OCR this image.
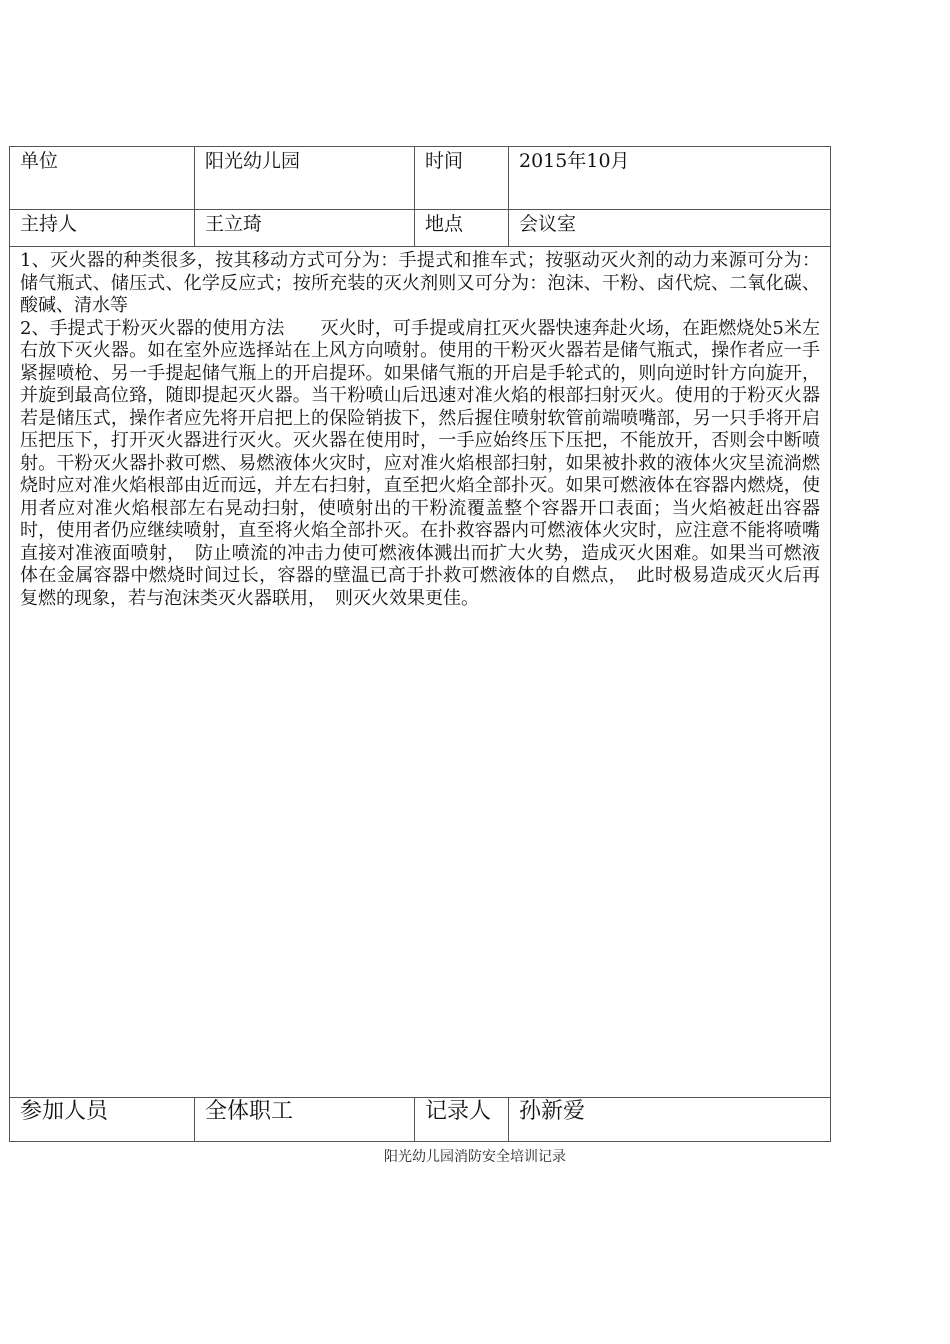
单位	阳光幼儿园	时间	2015年10月

主持人	王立琦	地点	会议室

1、灭火器的种类很多，按其移动方式可分为：手提式和推车式；按驱动灭火剂的动力来源可分为：储气瓶式、储压式、化学反应式；按所充装的灭火剂则又可分为：泡沫、干粉、卤代烷、二氧化碳、酸碱、清水等
2、手提式于粉灭火器的使用方法　　灭火时，可手提或肩扛灭火器快速奔赴火场，在距燃烧处5米左右放下灭火器。如在室外应选择站在上风方向喷射。使用的干粉灭火器若是储气瓶式，操作者应一手紧握喷枪、另一手提起储气瓶上的开启提环。如果储气瓶的开启是手轮式的，则向逆时针方向旋开，并旋到最高位臵，随即提起灭火器。当干粉喷山后迅速对准火焰的根部扫射灭火。使用的于粉灭火器若是储压式，操作者应先将开启把上的保险销拔下，然后握住喷射软管前端喷嘴部，另一只手将开启压把压下，打开灭火器进行灭火。灭火器在使用时，一手应始终压下压把，不能放开，否则会中断喷射。干粉灭火器扑救可燃、易燃液体火灾时，应对准火焰根部扫射，如果被扑救的液体火灾呈流淌燃烧时应对准火焰根部由近而远，并左右扫射，直至把火焰全部扑灭。如果可燃液体在容器内燃烧，使用者应对准火焰根部左右晃动扫射，使喷射出的干粉流覆盖整个容器开口表面；当火焰被赶出容器时，使用者仍应继续喷射，直至将火焰全部扑灭。在扑救容器内可燃液体火灾时，应注意不能将喷嘴直接对准液面喷射，　防止喷流的冲击力使可燃液体溅出而扩大火势，造成灭火困难。如果当可燃液体在金属容器中燃烧时间过长，容器的壁温已高于扑救可燃液体的自燃点，　此时极易造成灭火后再复燃的现象，若与泡沫类灭火器联用，　则灭火效果更佳。			

参加人员	全体职工	记录人	孙新爱
阳光幼儿园消防安全培训记录
